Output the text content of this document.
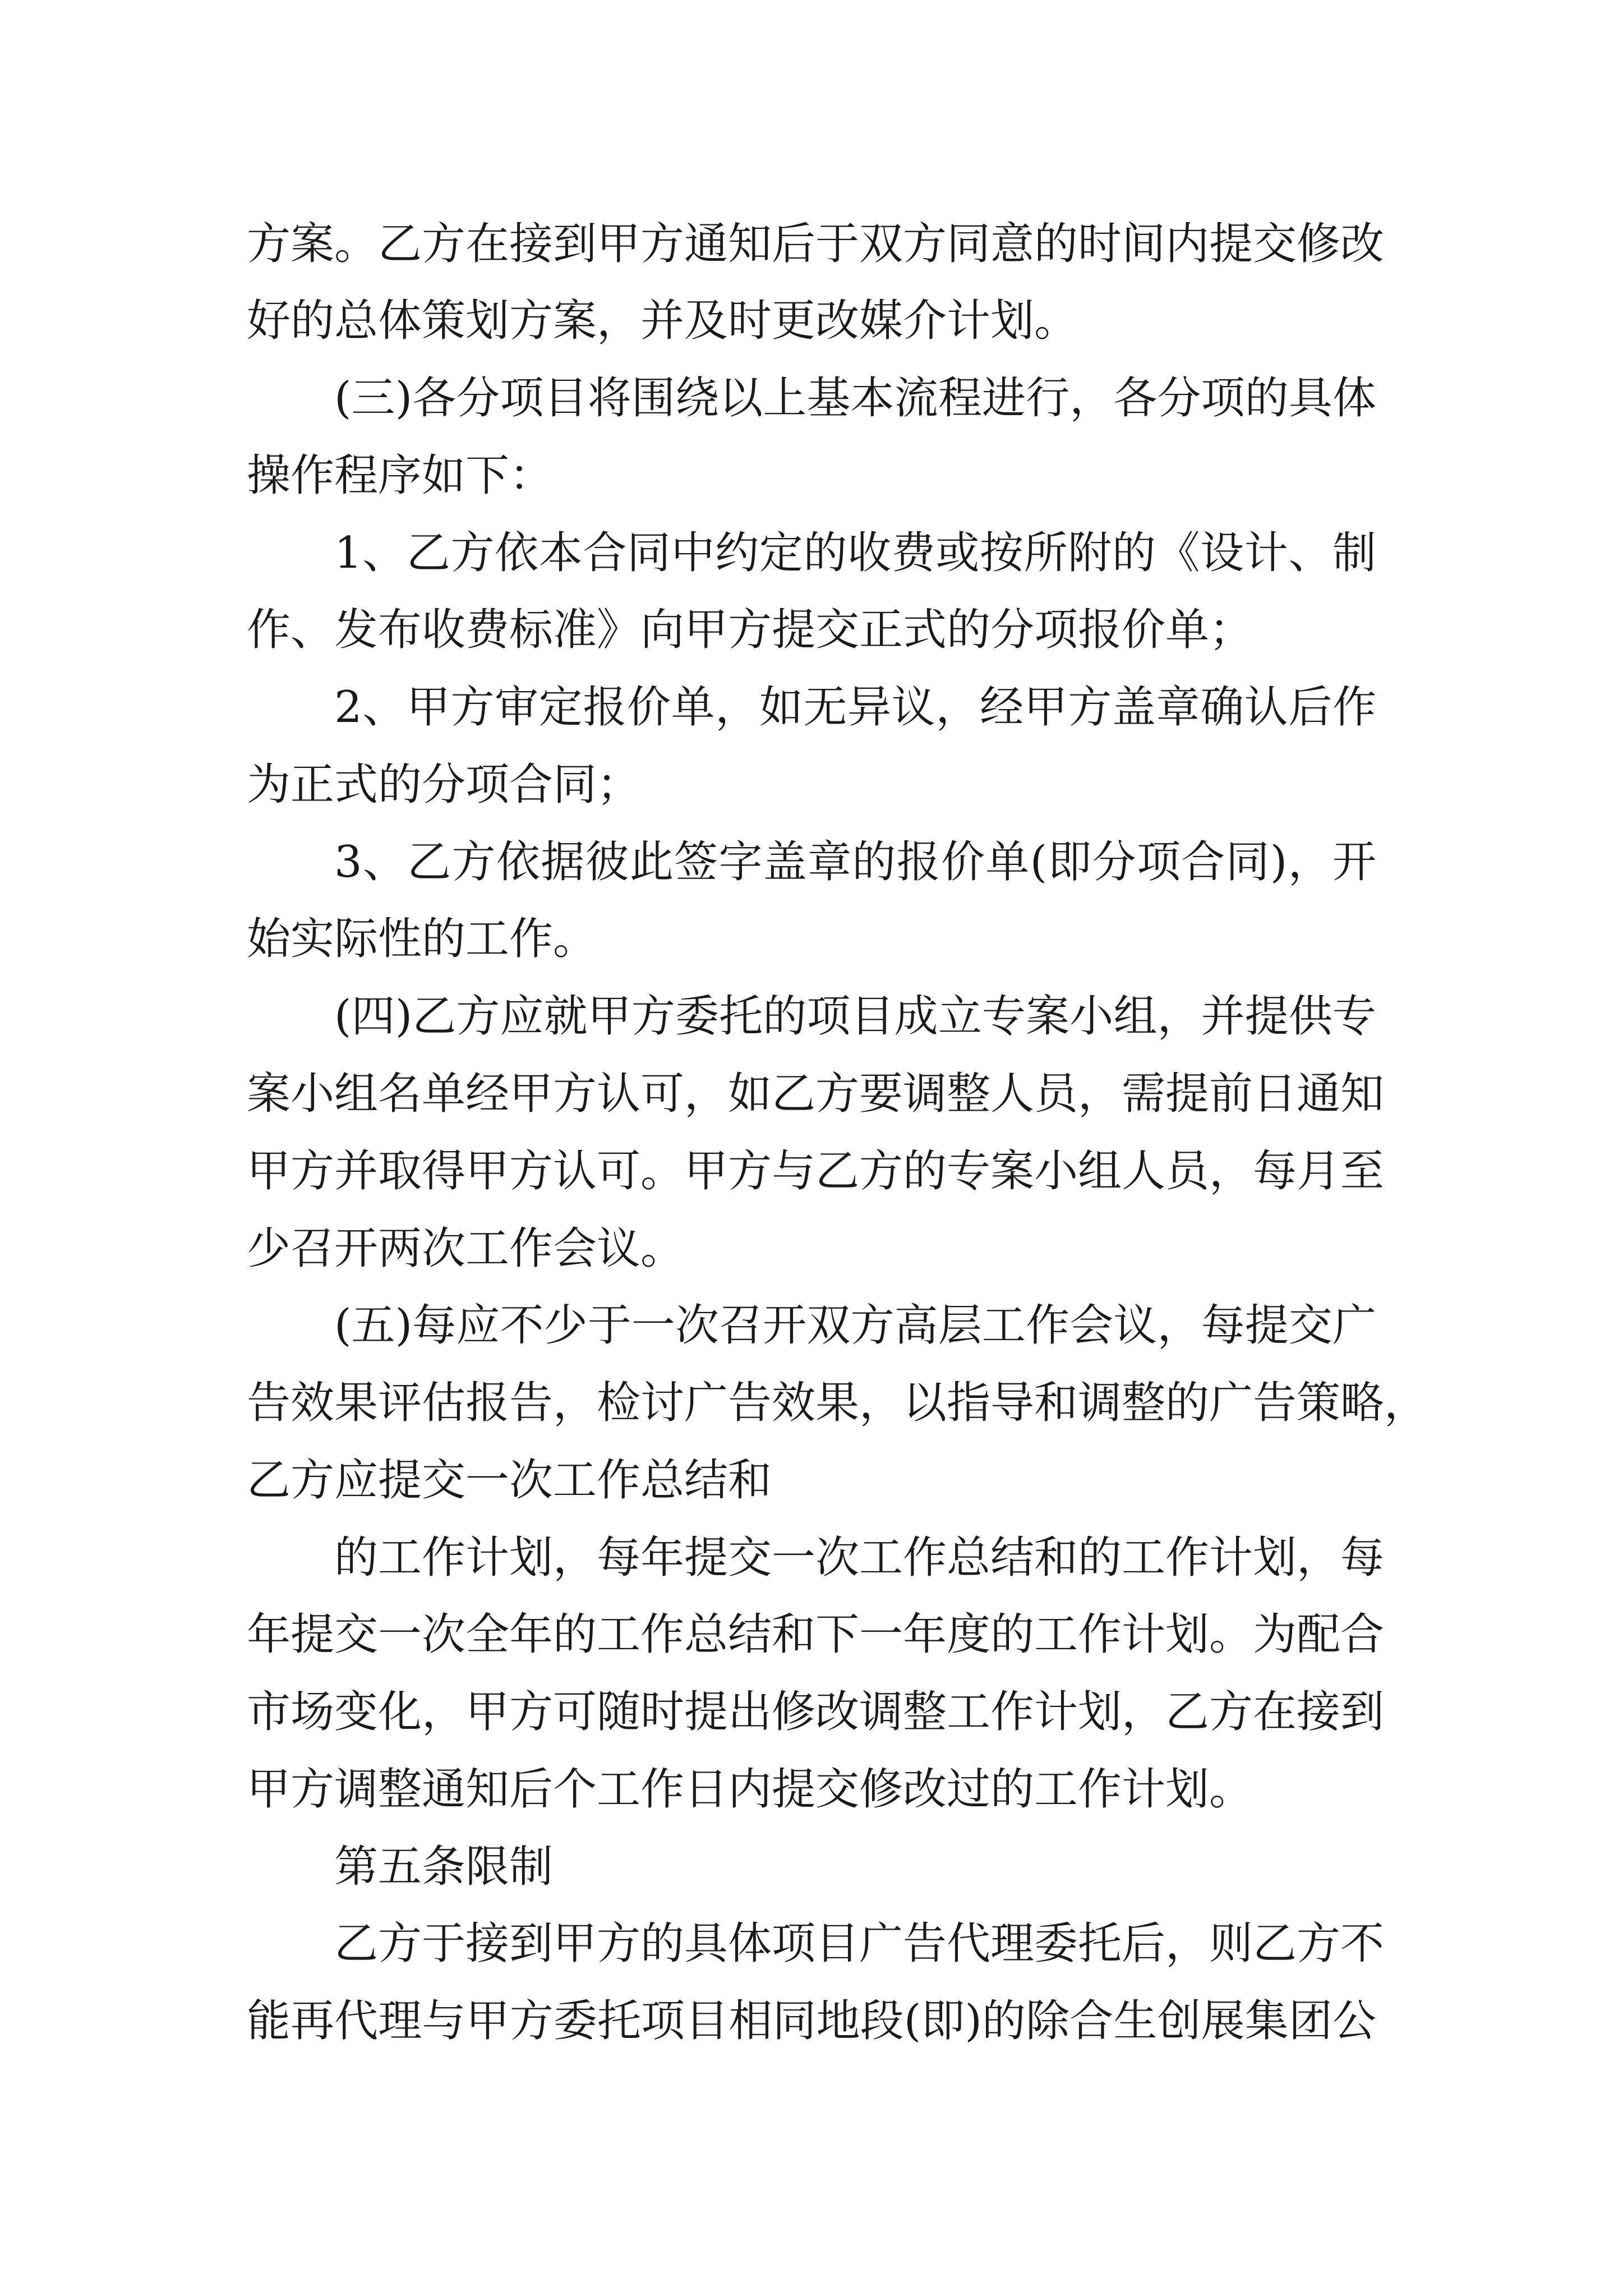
方案。乙方在接到甲方通知后于双方同意的时间内提交修改
好的总体策划方案，并及时更改媒介计划。
(三)各分项目将围绕以上基本流程进行，各分项的具体
操作程序如下：
1、乙方依本合同中约定的收费或按所附的《设计、制
作、发布收费标准》向甲方提交正式的分项报价单；
2、甲方审定报价单，如无异议，经甲方盖章确认后作
为正式的分项合同；
3、乙方依据彼此签字盖章的报价单(即分项合同)，开
始实际性的工作。
(四)乙方应就甲方委托的项目成立专案小组，并提供专
案小组名单经甲方认可，如乙方要调整人员，需提前日通知
甲方并取得甲方认可。甲方与乙方的专案小组人员，每月至
少召开两次工作会议。
(五)每应不少于一次召开双方高层工作会议，每提交广
告效果评估报告，检讨广告效果，以指导和调整的广告策略，
乙方应提交一次工作总结和
的工作计划，每年提交一次工作总结和的工作计划，每
年提交一次全年的工作总结和下一年度的工作计划。为配合
市场变化，甲方可随时提出修改调整工作计划，乙方在接到
甲方调整通知后个工作日内提交修改过的工作计划。
第五条限制
乙方于接到甲方的具体项目广告代理委托后，则乙方不
能再代理与甲方委托项目相同地段(即)的除合生创展集团公
